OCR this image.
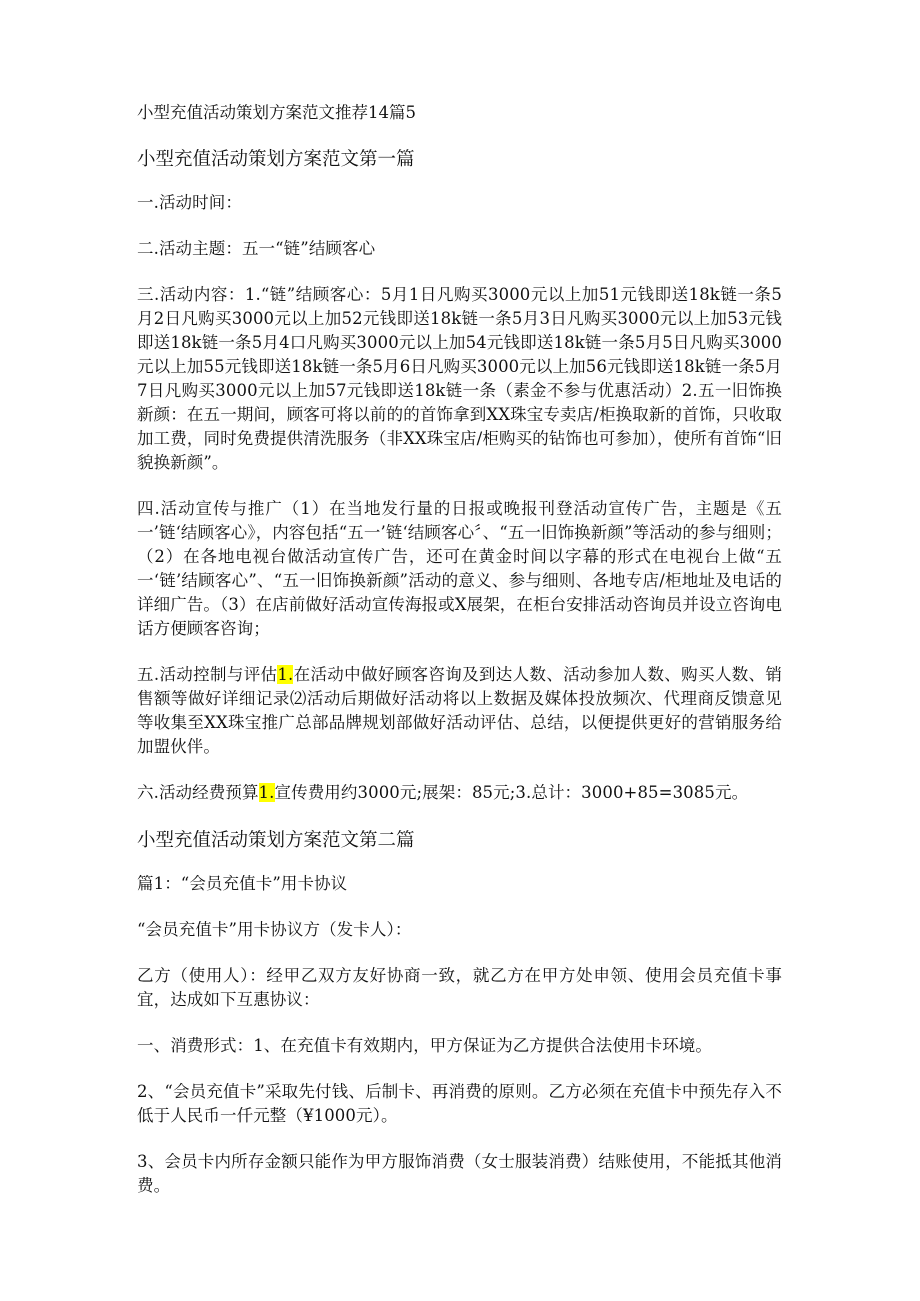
小型充值活动策划方案范文推荐14篇5
小型充值活动策划方案范文第一篇

一.活动时间：

二.活动主题：五一“链”结顾客心

三.活动内容：1.“链”结顾客心：5月1日凡购买3000元以上加51元钱即送18k链一条5月2日凡购买3000元以上加52元钱即送18k链一条5月3日凡购买3000元以上加53元钱即送18k链一条5月4口凡购买3000元以上加54元钱即送18k链一条5月5日凡购买3000元以上加55元钱即送18k链一条5月6日凡购买3000元以上加56元钱即送18k链一条5月7日凡购买3000元以上加57元钱即送18k链一条（素金不参与优惠活动）2.五一旧饰换新颜：在五一期间，顾客可将以前的的首饰拿到XX珠宝专卖店/柜换取新的首饰，只收取加工费，同时免费提供清洗服务（非XX珠宝店/柜购买的钻饰也可参加），使所有首饰“旧貌换新颜”。

四.活动宣传与推广（1）在当地发行量的日报或晚报刊登活动宣传广告，主题是《五一’链‘结顾客心》，内容包括“五一’链‘结顾客心〞、“五一旧饰换新颜”等活动的参与细则；（2）在各地电视台做活动宣传广告，还可在黄金时间以字幕的形式在电视台上做“五一‘链’结顾客心”、“五一旧饰换新颜”活动的意义、参与细则、各地专店/柜地址及电话的详细广告。（3）在店前做好活动宣传海报或X展架，在柜台安排活动咨询员并设立咨询电话方便顾客咨询；

五.活动控制与评估1.在活动中做好顾客咨询及到达人数、活动参加人数、购买人数、销售额等做好详细记录⑵活动后期做好活动将以上数据及媒体投放频次、代理商反馈意见等收集至XX珠宝推广总部品牌规划部做好活动评估、总结，以便提供更好的营销服务给加盟伙伴。

六.活动经费预算1.宣传费用约3000元;展架：85元;3.总计：3000+85=3085元。

小型充值活动策划方案范文第二篇

篇1：“会员充值卡”用卡协议

“会员充值卡”用卡协议方（发卡人）：

乙方（使用人）：经甲乙双方友好协商一致，就乙方在甲方处申领、使用会员充值卡事宜，达成如下互惠协议：

一、消费形式：1、在充值卡有效期内，甲方保证为乙方提供合法使用卡环境。

2、“会员充值卡”采取先付钱、后制卡、再消费的原则。乙方必须在充值卡中预先存入不低于人民币一仟元整（¥1000元）。

3、会员卡内所存金额只能作为甲方服饰消费（女士服装消费）结账使用，不能抵其他消费。
